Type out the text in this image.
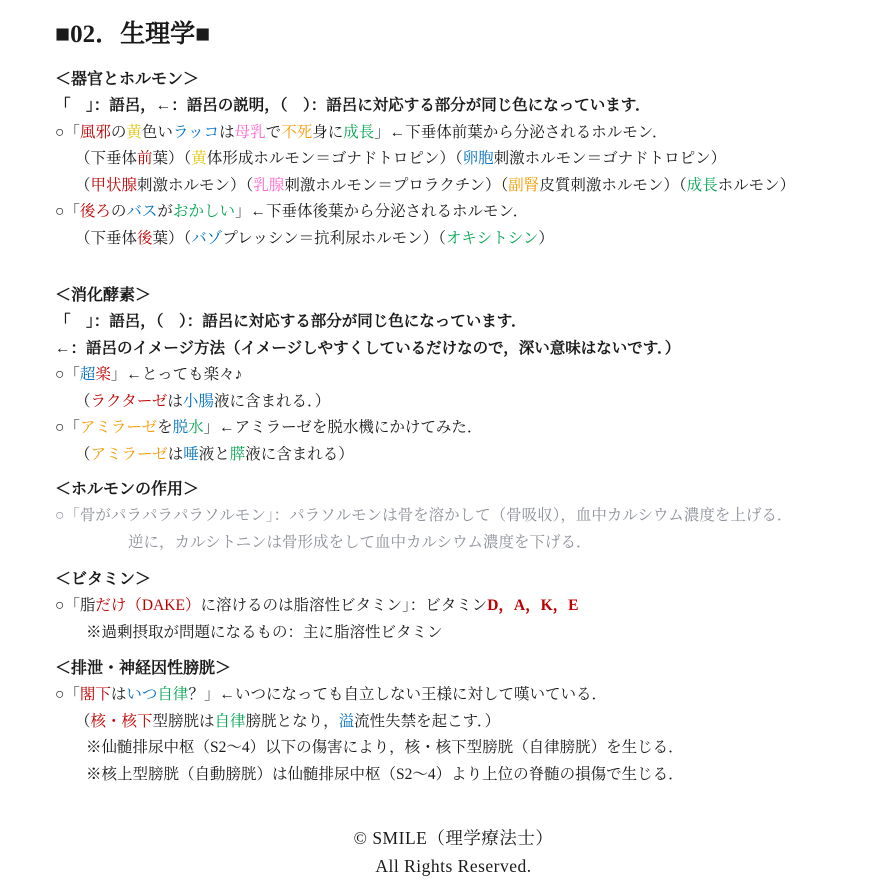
■02．生理学■
＜器官とホルモン＞
「　」：語呂，←：語呂の説明，（　）：語呂に対応する部分が同じ色になっています．
○「風邪の黄色いラッコは母乳で不死身に成長」←下垂体前葉から分泌されるホルモン．
（下垂体前葉）（黄体形成ホルモン＝ゴナドトロピン）（卵胞刺激ホルモン＝ゴナドトロピン）
（甲状腺刺激ホルモン）（乳腺刺激ホルモン＝プロラクチン）（副腎皮質刺激ホルモン）（成長ホルモン）
○「後ろのバスがおかしい」←下垂体後葉から分泌されるホルモン．
（下垂体後葉）（バゾプレッシン＝抗利尿ホルモン）（オキシトシン）
＜消化酵素＞
「　」：語呂，（　）：語呂に対応する部分が同じ色になっています．
←：語呂のイメージ方法（イメージしやすくしているだけなので，深い意味はないです．）
○「超楽」←とっても楽々♪
（ラクターゼは小腸液に含まれる．）
○「アミラーゼを脱水」←アミラーゼを脱水機にかけてみた．
（アミラーゼは唾液と膵液に含まれる）
＜ホルモンの作用＞
○「骨がパラパラパラソルモン」：パラソルモンは骨を溶かして（骨吸収），血中カルシウム濃度を上げる．
逆に，カルシトニンは骨形成をして血中カルシウム濃度を下げる．
＜ビタミン＞
○「脂だけ（DAKE）に溶けるのは脂溶性ビタミン」：ビタミンD，A，K，E
※過剰摂取が問題になるもの：主に脂溶性ビタミン
＜排泄・神経因性膀胱＞
○「閣下はいつ自律？」←いつになっても自立しない王様に対して嘆いている．
（核・核下型膀胱は自律膀胱となり，溢流性失禁を起こす．）
※仙髄排尿中枢（S2～4）以下の傷害により，核・核下型膀胱（自律膀胱）を生じる．
※核上型膀胱（自動膀胱）は仙髄排尿中枢（S2～4）より上位の脊髄の損傷で生じる．
© SMILE（理学療法士）
All Rights Reserved.
